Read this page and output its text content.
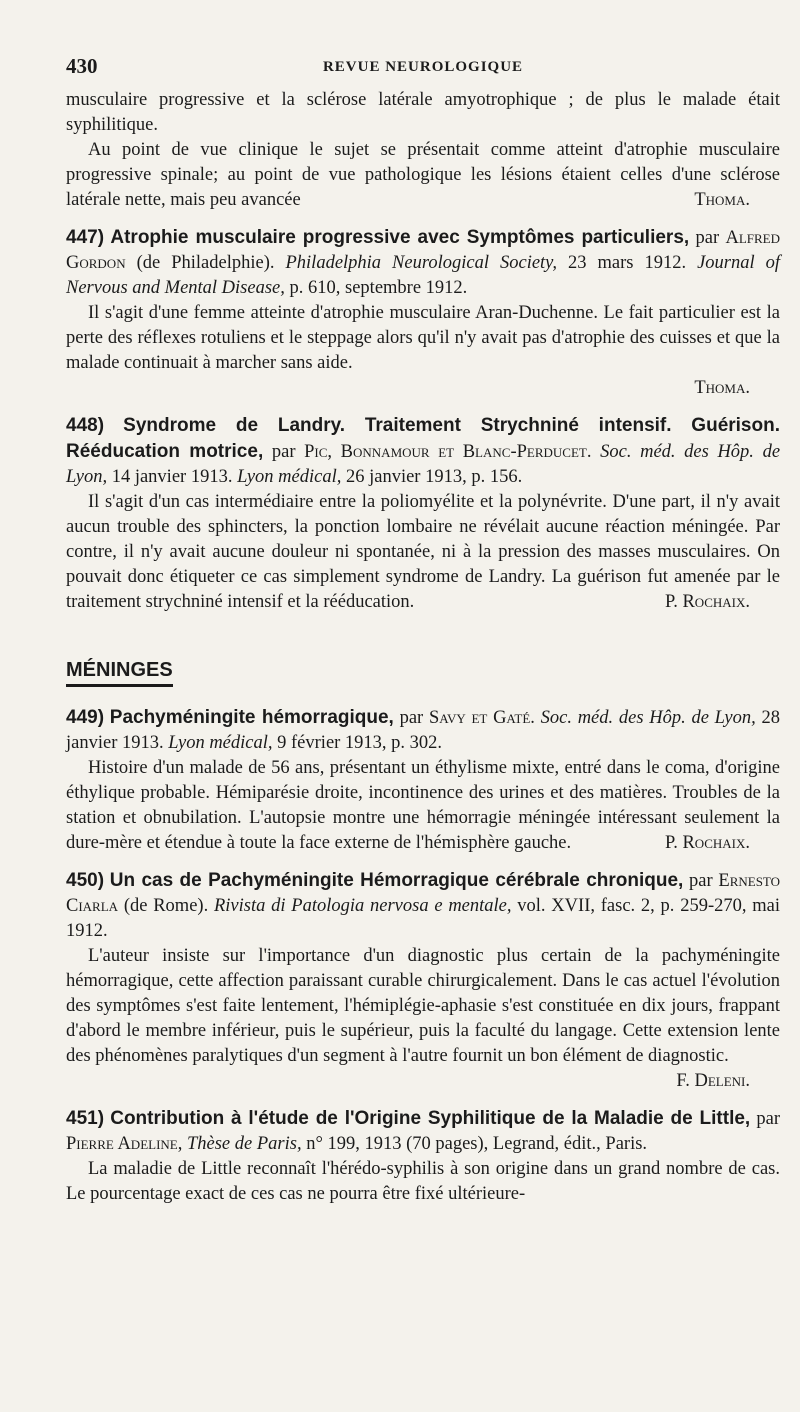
430	REVUE NEUROLOGIQUE

musculaire progressive et la sclérose latérale amyotrophique ; de plus le malade était syphilitique.

Au point de vue clinique le sujet se présentait comme atteint d'atrophie musculaire progressive spinale; au point de vue pathologique les lésions étaient celles d'une sclérose latérale nette, mais peu avancée	Thoma.

447) Atrophie musculaire progressive avec Symptômes particuliers, par Alfred Gordon (de Philadelphie). Philadelphia Neurological Society, 23 mars 1912. Journal of Nervous and Mental Disease, p. 610, septembre 1912.

Il s'agit d'une femme atteinte d'atrophie musculaire Aran-Duchenne. Le fait particulier est la perte des réflexes rotuliens et le steppage alors qu'il n'y avait pas d'atrophie des cuisses et que la malade continuait à marcher sans aide.

Thoma.

448) Syndrome de Landry. Traitement Strychniné intensif. Guérison. Rééducation motrice, par Pic, Bonnamour et Blanc-Perducet. Soc. méd. des Hôp. de Lyon, 14 janvier 1913. Lyon médical, 26 janvier 1913, p. 156.

Il s'agit d'un cas intermédiaire entre la poliomyélite et la polynévrite. D'une part, il n'y avait aucun trouble des sphincters, la ponction lombaire ne révélait aucune réaction méningée. Par contre, il n'y avait aucune douleur ni spontanée, ni à la pression des masses musculaires. On pouvait donc étiqueter ce cas simplement syndrome de Landry. La guérison fut amenée par le traitement strychniné intensif et la rééducation.	P. Rochaix.

MÉNINGES

449) Pachyméningite hémorragique, par Savy et Gaté. Soc. méd. des Hôp. de Lyon, 28 janvier 1913. Lyon médical, 9 février 1913, p. 302.

Histoire d'un malade de 56 ans, présentant un éthylisme mixte, entré dans le coma, d'origine éthylique probable. Hémiparésie droite, incontinence des urines et des matières. Troubles de la station et obnubilation. L'autopsie montre une hémorragie méningée intéressant seulement la dure-mère et étendue à toute la face externe de l'hémisphère gauche.	P. Rochaix.

450) Un cas de Pachyméningite Hémorragique cérébrale chronique, par Ernesto Ciarla (de Rome). Rivista di Patologia nervosa e mentale, vol. XVII, fasc. 2, p. 259-270, mai 1912.

L'auteur insiste sur l'importance d'un diagnostic plus certain de la pachyméningite hémorragique, cette affection paraissant curable chirurgicalement. Dans le cas actuel l'évolution des symptômes s'est faite lentement, l'hémiplégie-aphasie s'est constituée en dix jours, frappant d'abord le membre inférieur, puis le supérieur, puis la faculté du langage. Cette extension lente des phénomènes paralytiques d'un segment à l'autre fournit un bon élément de diagnostic.

F. Deleni.

451) Contribution à l'étude de l'Origine Syphilitique de la Maladie de Little, par Pierre Adeline, Thèse de Paris, n° 199, 1913 (70 pages), Legrand, édit., Paris.

La maladie de Little reconnaît l'hérédo-syphilis à son origine dans un grand nombre de cas. Le pourcentage exact de ces cas ne pourra être fixé ultérieure-
